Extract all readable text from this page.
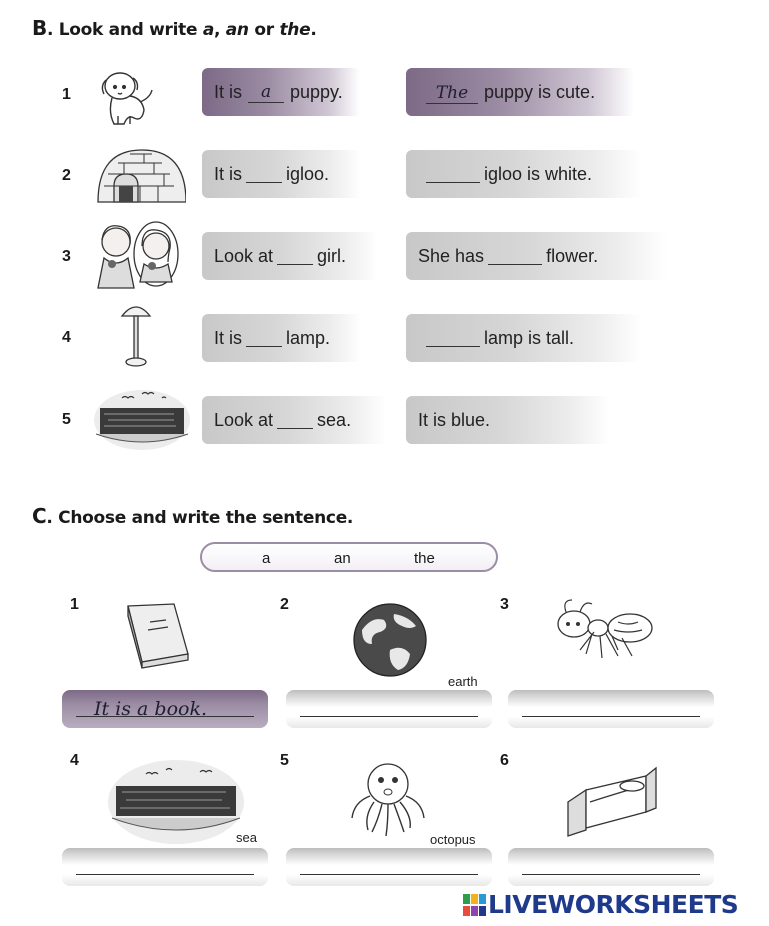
B. Look and write a, an or the.
1
2
3
4
5
It is a puppy.	The puppy is cute.
It is igloo.	igloo is white.
Look at girl.	She has	flower.
It is lamp.	lamp is tall.
Look at sea.	It is blue.
C. Choose and write the sentence.
a	an	the
1	2	3
4	5	6
earth
sea	octopus
It is a book.
LIVEWORKSHEETS
